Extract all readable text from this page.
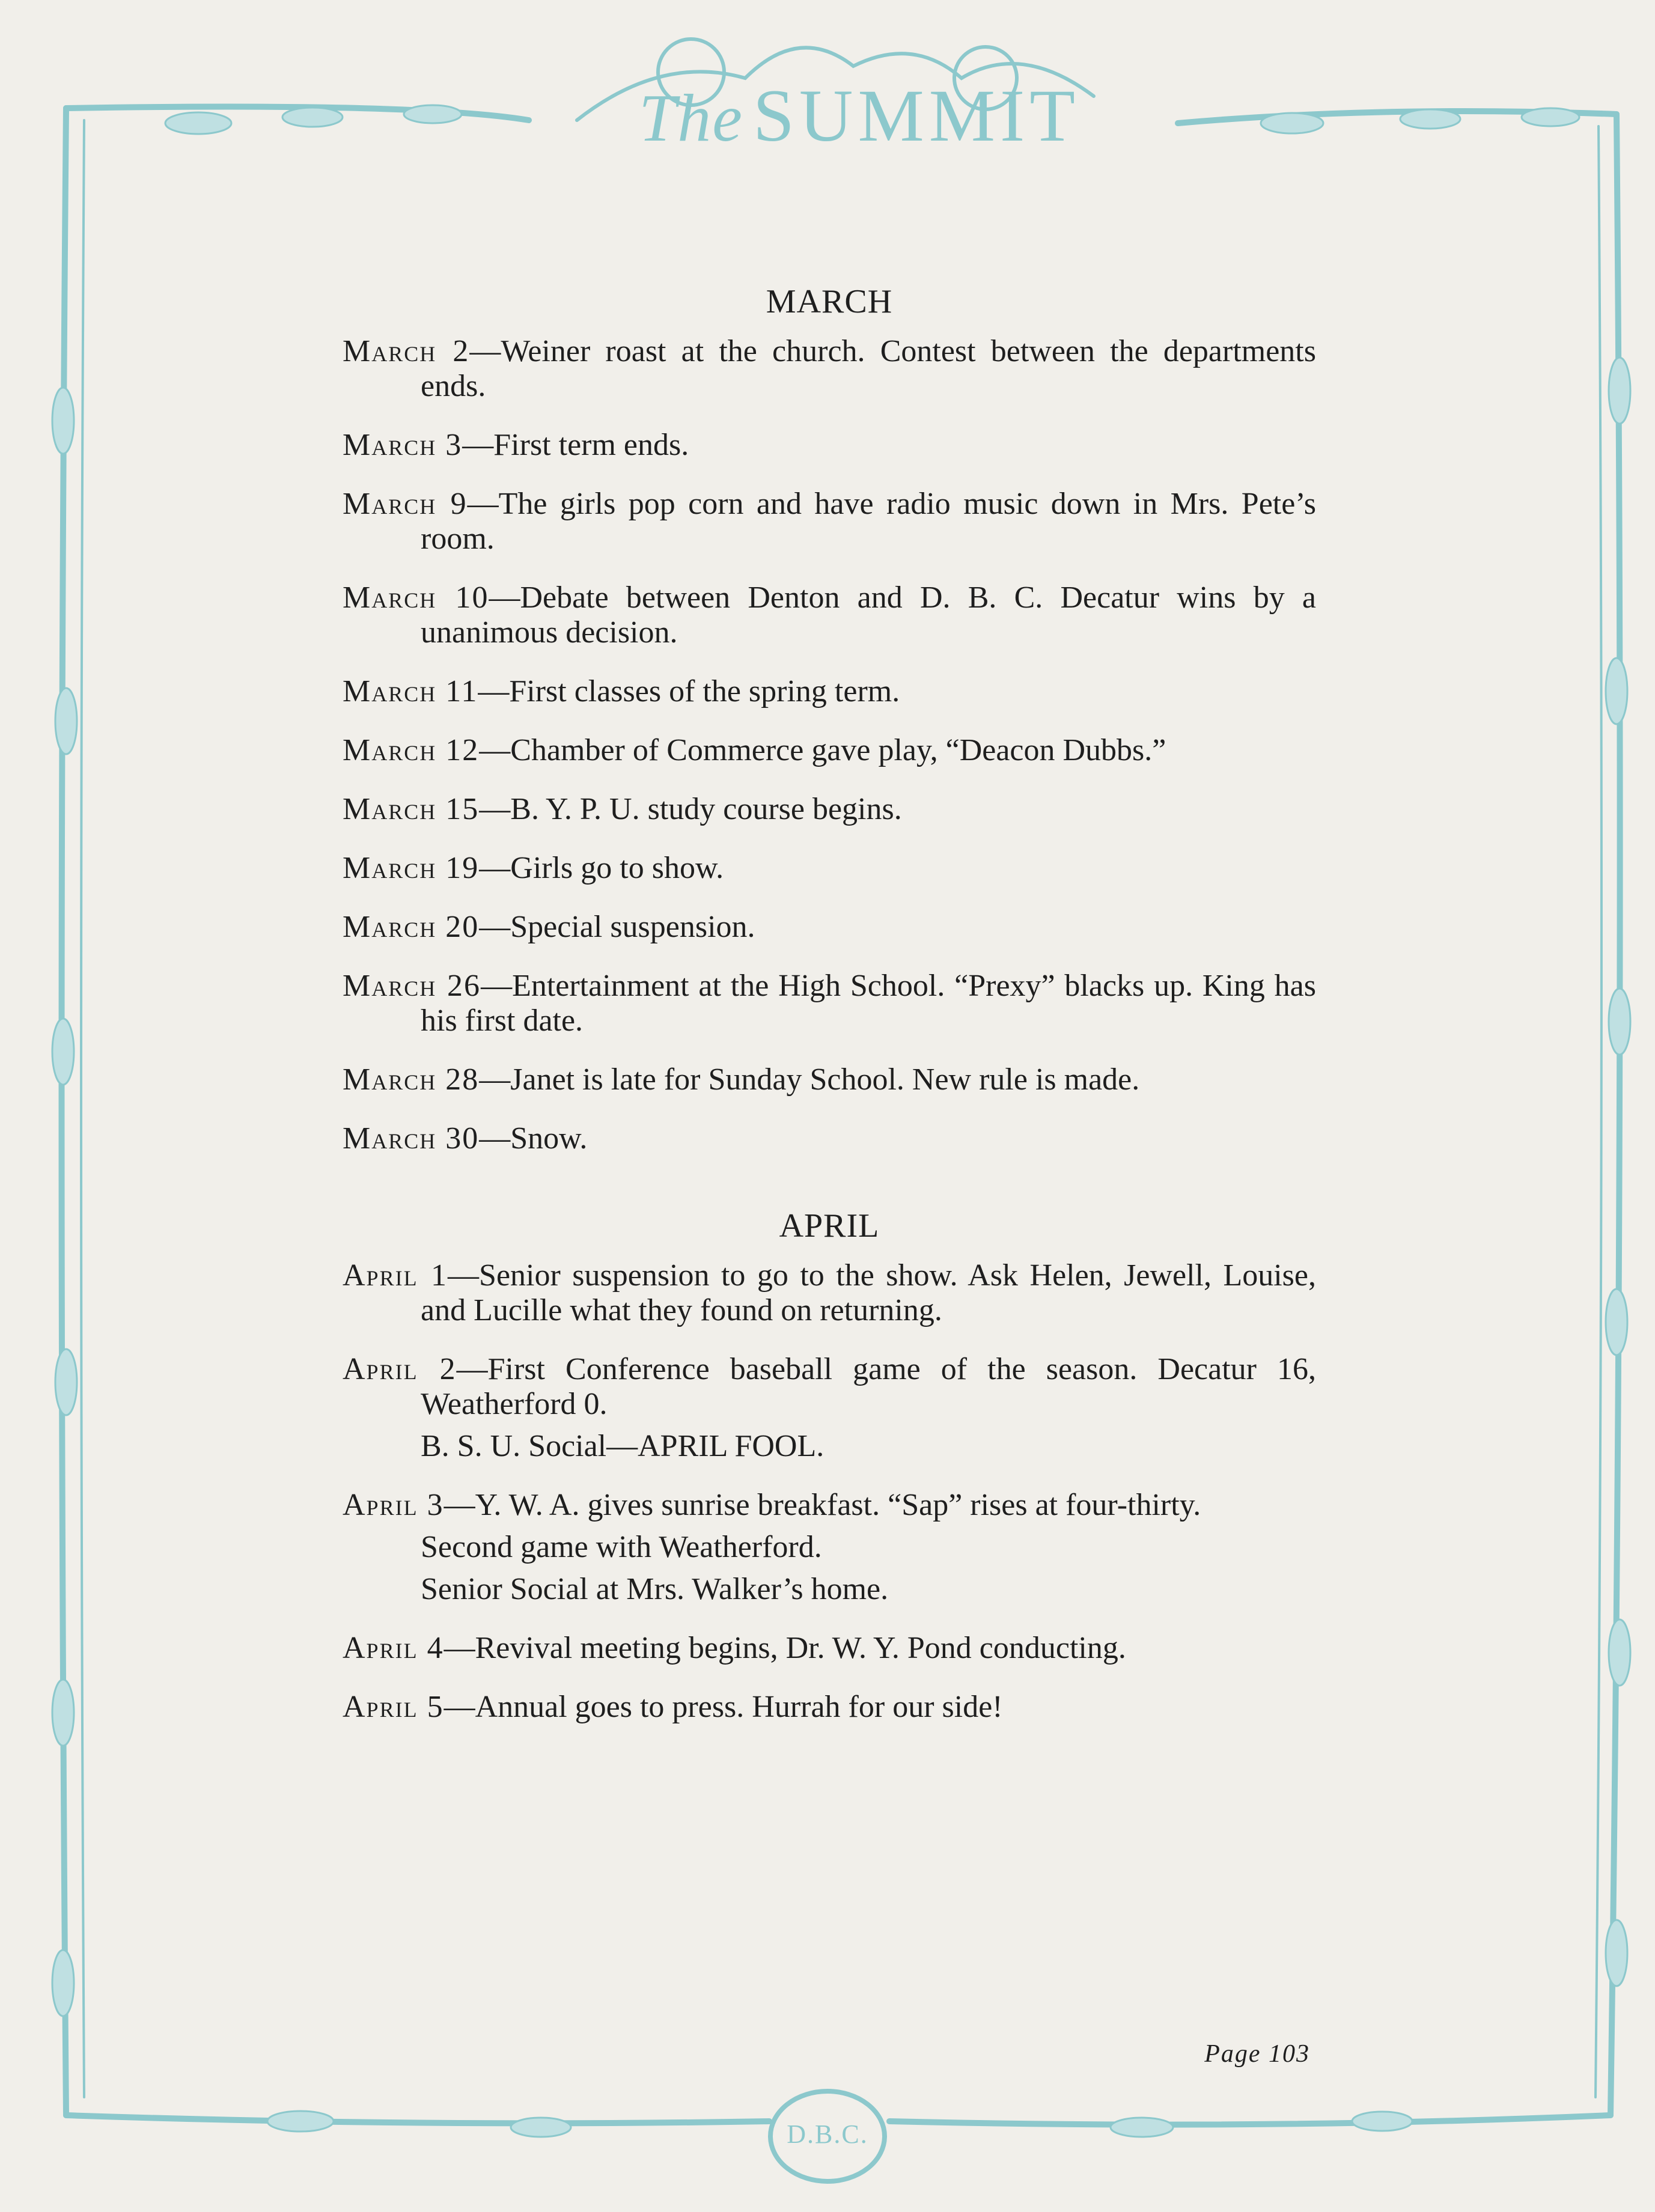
The SUMMIT
MARCH
March 2—Weiner roast at the church. Contest between the departments ends.
March 3—First term ends.
March 9—The girls pop corn and have radio music down in Mrs. Pete’s room.
March 10—Debate between Denton and D. B. C. Decatur wins by a unanimous decision.
March 11—First classes of the spring term.
March 12—Chamber of Commerce gave play, “Deacon Dubbs.”
March 15—B. Y. P. U. study course begins.
March 19—Girls go to show.
March 20—Special suspension.
March 26—Entertainment at the High School. “Prexy” blacks up. King has his first date.
March 28—Janet is late for Sunday School. New rule is made.
March 30—Snow.
APRIL
April 1—Senior suspension to go to the show. Ask Helen, Jewell, Louise, and Lucille what they found on returning.
April 2—First Conference baseball game of the season. Decatur 16, Weatherford 0.
B. S. U. Social—APRIL FOOL.
April 3—Y. W. A. gives sunrise breakfast. “Sap” rises at four-thirty.
Second game with Weatherford.
Senior Social at Mrs. Walker’s home.
April 4—Revival meeting begins, Dr. W. Y. Pond conducting.
April 5—Annual goes to press. Hurrah for our side!
Page 103
D.B.C.
